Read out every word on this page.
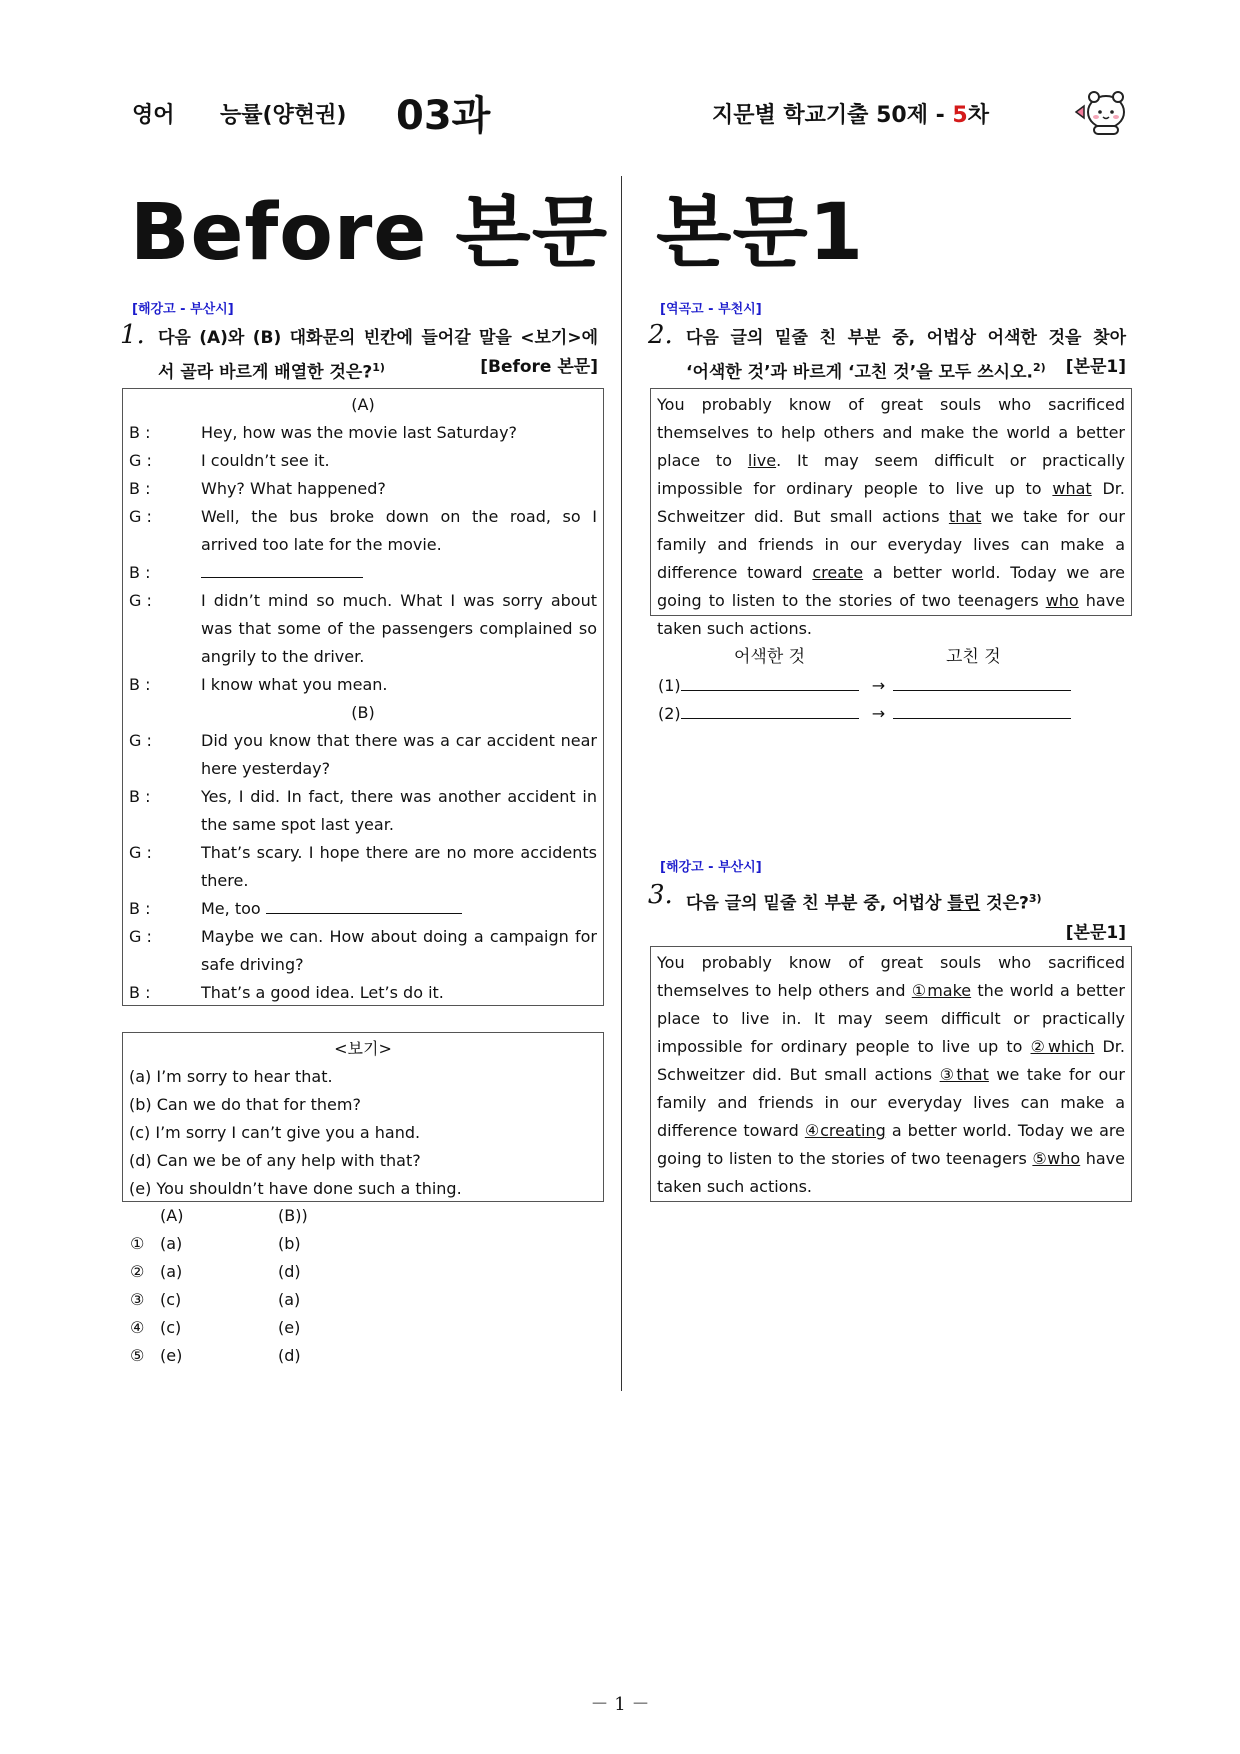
영어 능률(양현권) 03과	지문별 학교기출 50제 - 5차
Before 본문 본문1
[해강고 - 부산시]
1. 다음 (A)와 (B) 대화문의 빈칸에 들어갈 말을 <보기>에
서 골라 바르게 배열한 것은?$^{1)}$	[Before 본문]
(A)
B :	Hey, how was the movie last Saturday?
G :	I couldn’t see it.
B :	Why? What happened?
G :	Well, the bus broke down on the road, so I arrived too late for the movie.
B :
G :	I didn’t mind so much. What I was sorry about was that some of the passengers complained so angrily to the driver.
B :	I know what you mean.
(B)
G :	Did you know that there was a car accident near here yesterday?
B :	Yes, I did. In fact, there was another accident in the same spot last year.
G :	That’s scary. I hope there are no more accidents there.
B :	Me, too
G :	Maybe we can. How about doing a campaign for safe driving?
B :	That’s a good idea. Let’s do it.
<보기>
(a) I’m sorry to hear that.
(b) Can we do that for them?
(c) I’m sorry I can’t give you a hand.
(d) Can we be of any help with that?
(e) You shouldn’t have done such a thing.
(A)	(B))
① (a)	(b)
② (a)	(d)
③ (c)	(a)
④ (c)	(e)
⑤ (e)	(d)
[역곡고 - 부천시]
2. 다음 글의 밑줄 친 부분 중, 어법상 어색한 것을 찾아
‘어색한 것’과 바르게 ‘고친 것’을 모두 쓰시오.$^{2)}$ [본문1]
You probably know of great souls who sacrificed themselves to help others and make the world a better place to live. It may seem difficult or practically impossible for ordinary people to live up to what Dr. Schweitzer did. But small actions that we take for our family and friends in our everyday lives can make a difference toward create a better world. Today we are going to listen to the stories of two teenagers who have taken such actions.
어색한 것	고친 것
(1)	→
(2)	→
[해강고 - 부산시]
3. 다음 글의 밑줄 친 부분 중, 어법상 틀린 것은?$^{3)}$
[본문1]
You probably know of great souls who sacrificed themselves to help others and ①make the world a better place to live in. It may seem difficult or practically impossible for ordinary people to live up to ②which Dr. Schweitzer did. But small actions ③that we take for our family and friends in our everyday lives can make a difference toward ④creating a better world. Today we are going to listen to the stories of two teenagers ⑤who have taken such actions.
－ 1 －
